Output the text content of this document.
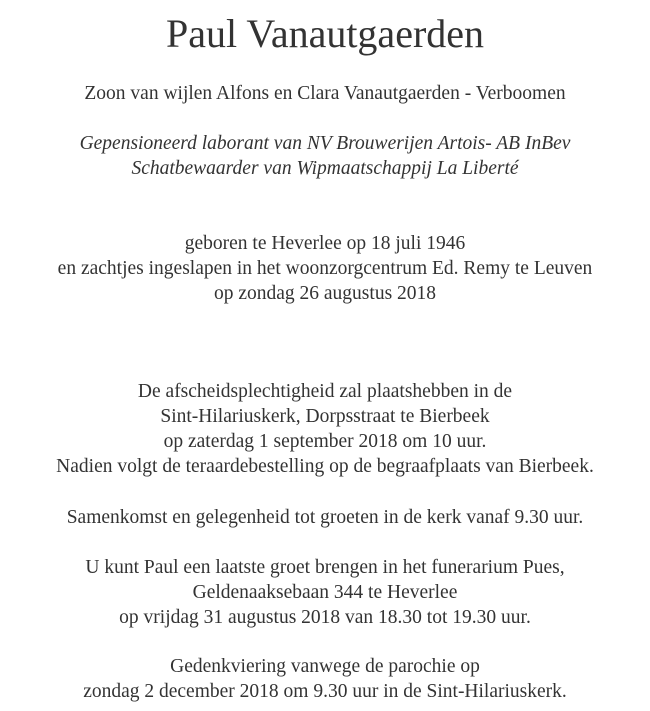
Paul Vanautgaerden
Zoon van wijlen Alfons en Clara Vanautgaerden - Verboomen
Gepensioneerd laborant van NV Brouwerijen Artois- AB InBev
Schatbewaarder van Wipmaatschappij La Liberté
geboren te Heverlee op 18 juli 1946
en zachtjes ingeslapen in het woonzorgcentrum Ed. Remy te Leuven
op zondag 26 augustus 2018
De afscheidsplechtigheid zal plaatshebben in de
Sint-Hilariuskerk, Dorpsstraat te Bierbeek
op zaterdag 1 september 2018 om 10 uur.
Nadien volgt de teraardebestelling op de begraafplaats van Bierbeek.
Samenkomst en gelegenheid tot groeten in de kerk vanaf 9.30 uur.
U kunt Paul een laatste groet brengen in het funerarium Pues,
Geldenaaksebaan 344 te Heverlee
op vrijdag 31 augustus 2018 van 18.30 tot 19.30 uur.
Gedenkviering vanwege de parochie op
zondag 2 december 2018 om 9.30 uur in de Sint-Hilariuskerk.
